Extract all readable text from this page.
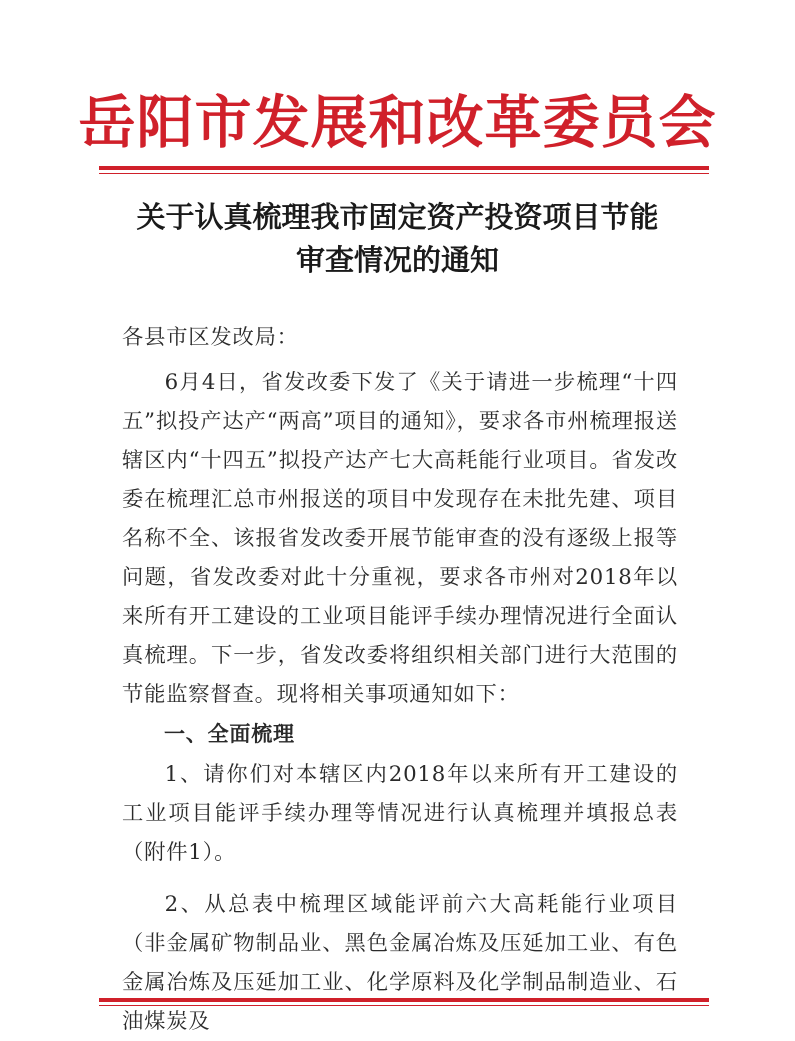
岳阳市发展和改革委员会
关于认真梳理我市固定资产投资项目节能
审查情况的通知

各县市区发改局：

6月4日，省发改委下发了《关于请进一步梳理“十四五”拟投产达产“两高”项目的通知》，要求各市州梳理报送辖区内“十四五”拟投产达产七大高耗能行业项目。省发改委在梳理汇总市州报送的项目中发现存在未批先建、项目名称不全、该报省发改委开展节能审查的没有逐级上报等问题，省发改委对此十分重视，要求各市州对2018年以来所有开工建设的工业项目能评手续办理情况进行全面认真梳理。下一步，省发改委将组织相关部门进行大范围的节能监察督查。现将相关事项通知如下：

一、全面梳理

1、请你们对本辖区内2018年以来所有开工建设的工业项目能评手续办理等情况进行认真梳理并填报总表（附件1）。

2、从总表中梳理区域能评前六大高耗能行业项目（非金属矿物制品业、黑色金属冶炼及压延加工业、有色金属冶炼及压延加工业、化学原料及化学制品制造业、石油煤炭及
